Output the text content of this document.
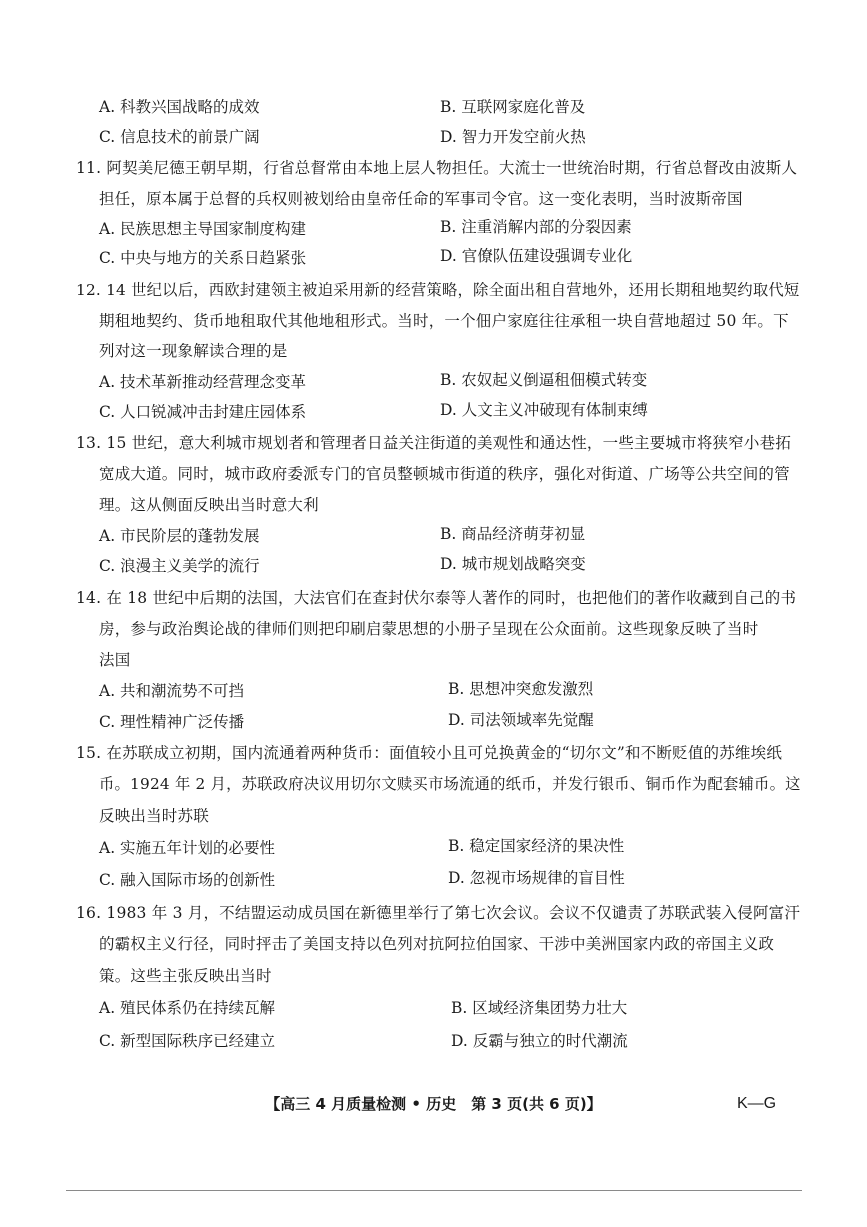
A. 科教兴国战略的成效	B. 互联网家庭化普及
C. 信息技术的前景广阔	D. 智力开发空前火热
11. 阿契美尼德王朝早期，行省总督常由本地上层人物担任。大流士一世统治时期，行省总督改由波斯人
担任，原本属于总督的兵权则被划给由皇帝任命的军事司令官。这一变化表明，当时波斯帝国
A. 民族思想主导国家制度构建	B. 注重消解内部的分裂因素
C. 中央与地方的关系日趋紧张	D. 官僚队伍建设强调专业化
12. 14 世纪以后，西欧封建领主被迫采用新的经营策略，除全面出租自营地外，还用长期租地契约取代短
期租地契约、货币地租取代其他地租形式。当时，一个佃户家庭往往承租一块自营地超过 50 年。下
列对这一现象解读合理的是
A. 技术革新推动经营理念变革	B. 农奴起义倒逼租佃模式转变
C. 人口锐减冲击封建庄园体系	D. 人文主义冲破现有体制束缚
13. 15 世纪，意大利城市规划者和管理者日益关注街道的美观性和通达性，一些主要城市将狭窄小巷拓
宽成大道。同时，城市政府委派专门的官员整顿城市街道的秩序，强化对街道、广场等公共空间的管
理。这从侧面反映出当时意大利
A. 市民阶层的蓬勃发展	B. 商品经济萌芽初显
C. 浪漫主义美学的流行	D. 城市规划战略突变
14. 在 18 世纪中后期的法国，大法官们在查封伏尔泰等人著作的同时，也把他们的著作收藏到自己的书
房，参与政治舆论战的律师们则把印刷启蒙思想的小册子呈现在公众面前。这些现象反映了当时
法国
A. 共和潮流势不可挡	B. 思想冲突愈发激烈
C. 理性精神广泛传播	D. 司法领域率先觉醒
15. 在苏联成立初期，国内流通着两种货币：面值较小且可兑换黄金的“切尔文”和不断贬值的苏维埃纸
币。1924 年 2 月，苏联政府决议用切尔文赎买市场流通的纸币，并发行银币、铜币作为配套辅币。这
反映出当时苏联
A. 实施五年计划的必要性	B. 稳定国家经济的果决性
C. 融入国际市场的创新性	D. 忽视市场规律的盲目性
16. 1983 年 3 月，不结盟运动成员国在新德里举行了第七次会议。会议不仅谴责了苏联武装入侵阿富汗
的霸权主义行径，同时抨击了美国支持以色列对抗阿拉伯国家、干涉中美洲国家内政的帝国主义政
策。这些主张反映出当时
A. 殖民体系仍在持续瓦解	B. 区域经济集团势力壮大
C. 新型国际秩序已经建立	D. 反霸与独立的时代潮流
【高三 4 月质量检测 • 历史　第 3 页(共 6 页)】	K—G
